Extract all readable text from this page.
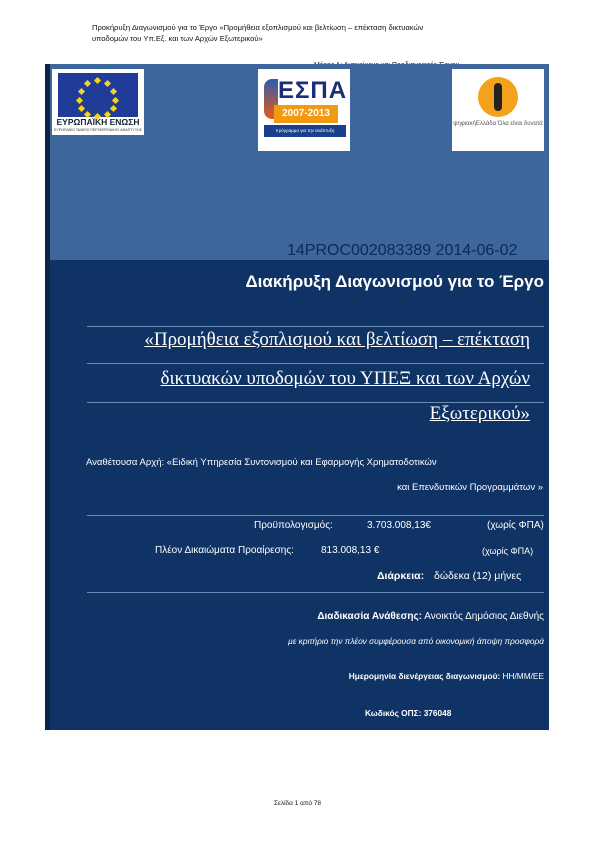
Προκήρυξη Διαγωνισμού για το Έργο «Προμήθεια εξοπλισμού και βελτίωση – επέκταση δικτυακών
υποδομών του Υπ.Εξ. και των Αρχών Εξωτερικού»
ΕΥΡΩΠΑΪΚΗ ΕΝΩΣΗ
ΕΥΡΩΠΑΪΚΟ ΤΑΜΕΙΟ ΠΕΡΙΦΕΡΕΙΑΚΗΣ ΑΝΑΠΤΥΞΗΣ
ΕΣΠΑ
2007-2013
πρόγραμμα για την ανάπτυξη
ψηφιακήΕλλάδα Όλα είναι δυνατά
14PROC002083389 2014-06-02
Διακήρυξη Διαγωνισμού για το Έργο
«Προμήθεια εξοπλισμού και βελτίωση – επέκταση
δικτυακών υποδομών του ΥΠΕΞ και των Αρχών
Εξωτερικού»
Αναθέτουσα Αρχή: «Ειδική Υπηρεσία Συντονισμού και Εφαρμογής Χρηματοδοτικών
και Επενδυτικών Προγραμμάτων »
Προϋπολογισμός:	3.703.008,13€	(χωρίς ΦΠΑ)
Πλέον Δικαιώματα Προαίρεσης:	813.008,13 €	(χωρίς ΦΠΑ)
Διάρκεια: δώδεκα (12) μήνες
Διαδικασία Ανάθεσης: Ανοικτός Δημόσιος Διεθνής
με κριτήριο την πλέον συμφέρουσα από οικονομική άποψη προσφορά
Ημερομηνία διενέργειας διαγωνισμού: ΗΗ/ΜΜ/ΕΕ
Κωδικός ΟΠΣ: 376048
Σελίδα 1 από 78
